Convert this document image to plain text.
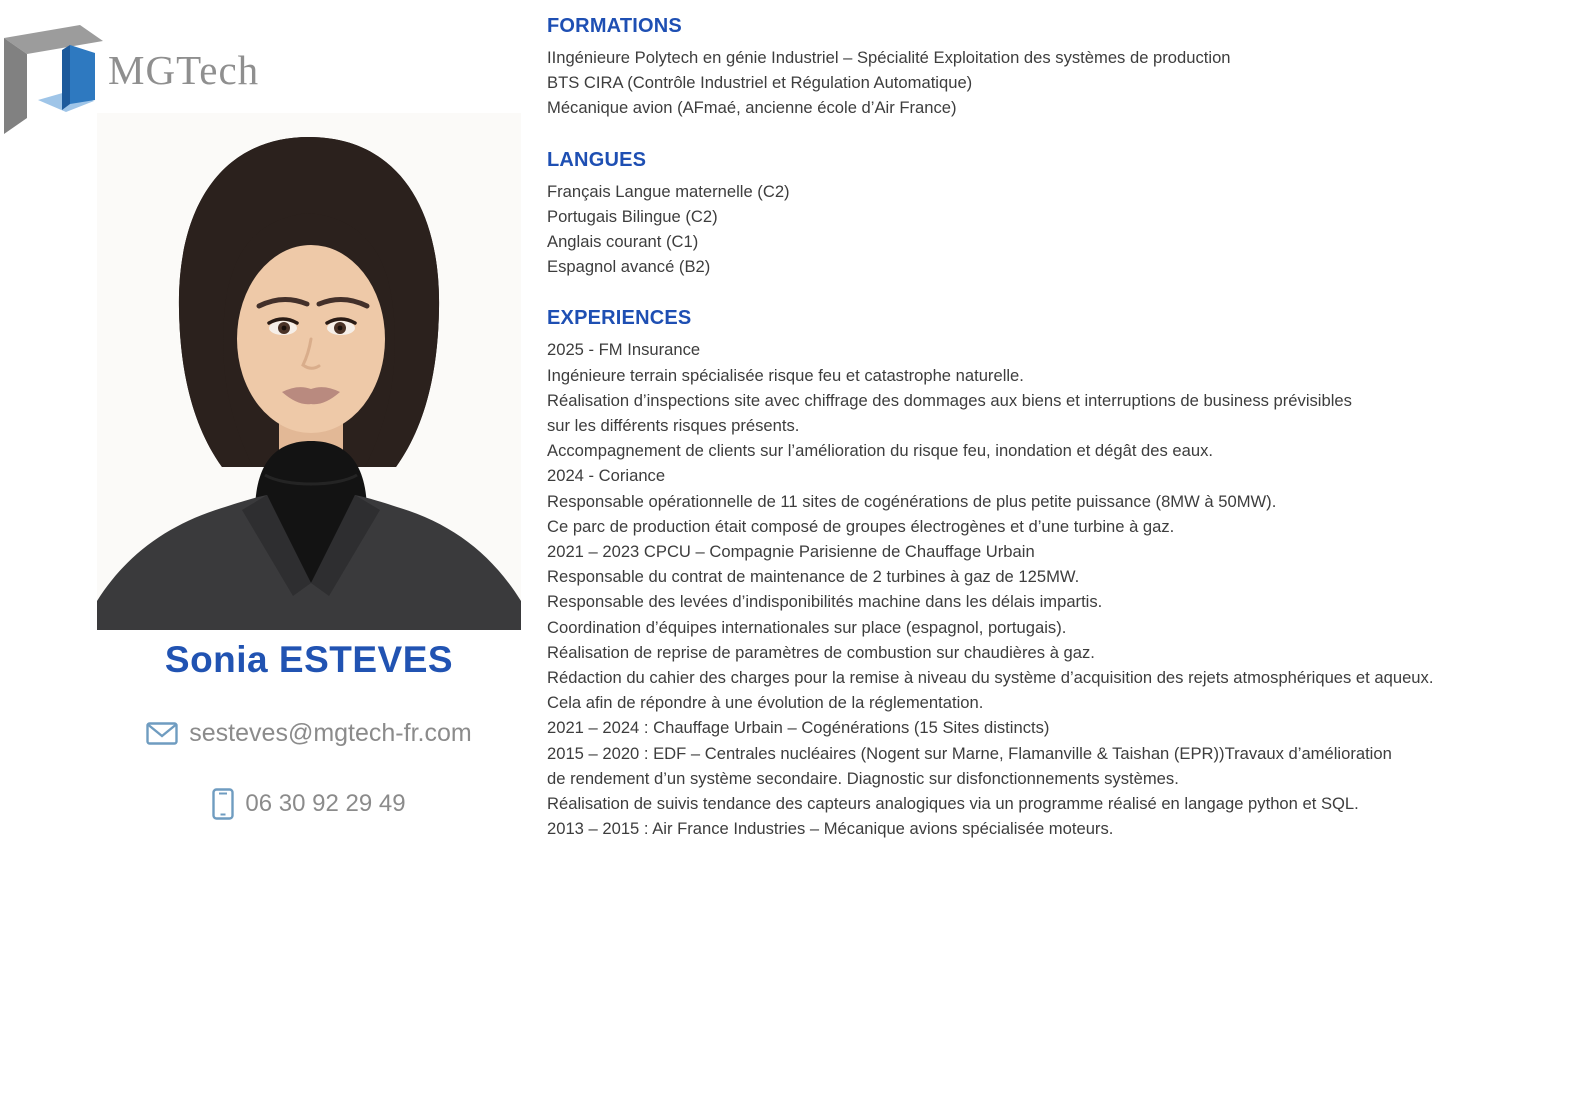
MGTech
Sonia ESTEVES
sesteves@mgtech-fr.com
06 30 92 29 49
FORMATIONS
IIngénieure Polytech en génie Industriel – Spécialité Exploitation des systèmes de production
BTS CIRA (Contrôle Industriel et Régulation Automatique)
Mécanique avion (AFmaé, ancienne école d’Air France)
LANGUES
Français Langue maternelle (C2)
Portugais Bilingue (C2)
Anglais courant (C1)
Espagnol avancé (B2)
EXPERIENCES
2025 - FM Insurance
Ingénieure terrain spécialisée risque feu et catastrophe naturelle.
Réalisation d’inspections site avec chiffrage des dommages aux biens et interruptions de business prévisibles
sur les différents risques présents.
Accompagnement de clients sur l’amélioration du risque feu, inondation et dégât des eaux.
2024 - Coriance
Responsable opérationnelle de 11 sites de cogénérations de plus petite puissance (8MW à 50MW).
Ce parc de production était composé de groupes électrogènes et d’une turbine à gaz.
2021 – 2023 CPCU – Compagnie Parisienne de Chauffage Urbain
Responsable du contrat de maintenance de 2 turbines à gaz de 125MW.
Responsable des levées d’indisponibilités machine dans les délais impartis.
Coordination d’équipes internationales sur place (espagnol, portugais).
Réalisation de reprise de paramètres de combustion sur chaudières à gaz.
Rédaction du cahier des charges pour la remise à niveau du système d’acquisition des rejets atmosphériques et aqueux.
Cela afin de répondre à une évolution de la réglementation.
2021 – 2024 : Chauffage Urbain – Cogénérations (15 Sites distincts)
2015 – 2020 : EDF – Centrales nucléaires (Nogent sur Marne, Flamanville & Taishan (EPR))Travaux d’amélioration
de rendement d’un système secondaire. Diagnostic sur disfonctionnements systèmes.
Réalisation de suivis tendance des capteurs analogiques via un programme réalisé en langage python et SQL.
2013 – 2015 : Air France Industries – Mécanique avions spécialisée moteurs.
